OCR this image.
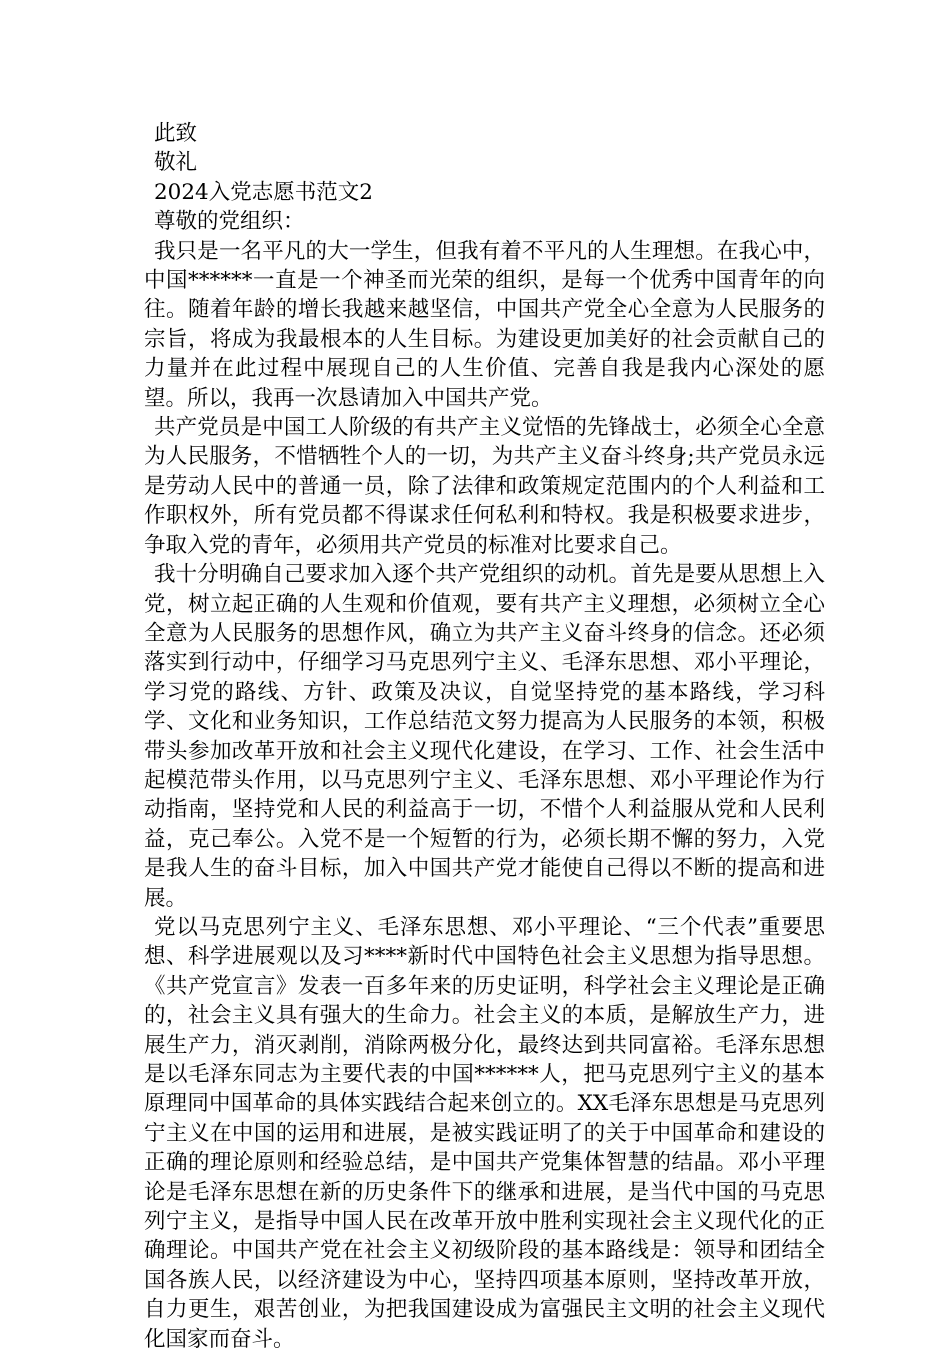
此致
敬礼
2024入党志愿书范文2
尊敬的党组织：

我只是一名平凡的大一学生，但我有着不平凡的人生理想。在我心中，中国******一直是一个神圣而光荣的组织，是每一个优秀中国青年的向往。随着年龄的增长我越来越坚信，中国共产党全心全意为人民服务的宗旨，将成为我最根本的人生目标。为建设更加美好的社会贡献自己的力量并在此过程中展现自己的人生价值、完善自我是我内心深处的愿望。所以，我再一次恳请加入中国共产党。

共产党员是中国工人阶级的有共产主义觉悟的先锋战士，必须全心全意为人民服务，不惜牺牲个人的一切，为共产主义奋斗终身;共产党员永远是劳动人民中的普通一员，除了法律和政策规定范围内的个人利益和工作职权外，所有党员都不得谋求任何私利和特权。我是积极要求进步，争取入党的青年，必须用共产党员的标准对比要求自己。

我十分明确自己要求加入逐个共产党组织的动机。首先是要从思想上入党，树立起正确的人生观和价值观，要有共产主义理想，必须树立全心全意为人民服务的思想作风，确立为共产主义奋斗终身的信念。还必须落实到行动中，仔细学习马克思列宁主义、毛泽东思想、邓小平理论，学习党的路线、方针、政策及决议，自觉坚持党的基本路线，学习科学、文化和业务知识，工作总结范文努力提高为人民服务的本领，积极带头参加改革开放和社会主义现代化建设，在学习、工作、社会生活中起模范带头作用，以马克思列宁主义、毛泽东思想、邓小平理论作为行动指南，坚持党和人民的利益高于一切，不惜个人利益服从党和人民利益，克己奉公。入党不是一个短暂的行为，必须长期不懈的努力，入党是我人生的奋斗目标，加入中国共产党才能使自己得以不断的提高和进展。

党以马克思列宁主义、毛泽东思想、邓小平理论、“三个代表”重要思想、科学进展观以及习****新时代中国特色社会主义思想为指导思想。《共产党宣言》发表一百多年来的历史证明，科学社会主义理论是正确的，社会主义具有强大的生命力。社会主义的本质，是解放生产力，进展生产力，消灭剥削，消除两极分化，最终达到共同富裕。毛泽东思想是以毛泽东同志为主要代表的中国******人，把马克思列宁主义的基本原理同中国革命的具体实践结合起来创立的。XX毛泽东思想是马克思列宁主义在中国的运用和进展，是被实践证明了的关于中国革命和建设的正确的理论原则和经验总结，是中国共产党集体智慧的结晶。邓小平理论是毛泽东思想在新的历史条件下的继承和进展，是当代中国的马克思列宁主义，是指导中国人民在改革开放中胜利实现社会主义现代化的正确理论。中国共产党在社会主义初级阶段的基本路线是：领导和团结全国各族人民，以经济建设为中心，坚持四项基本原则，坚持改革开放，自力更生，艰苦创业，为把我国建设成为富强民主文明的社会主义现代化国家而奋斗。
